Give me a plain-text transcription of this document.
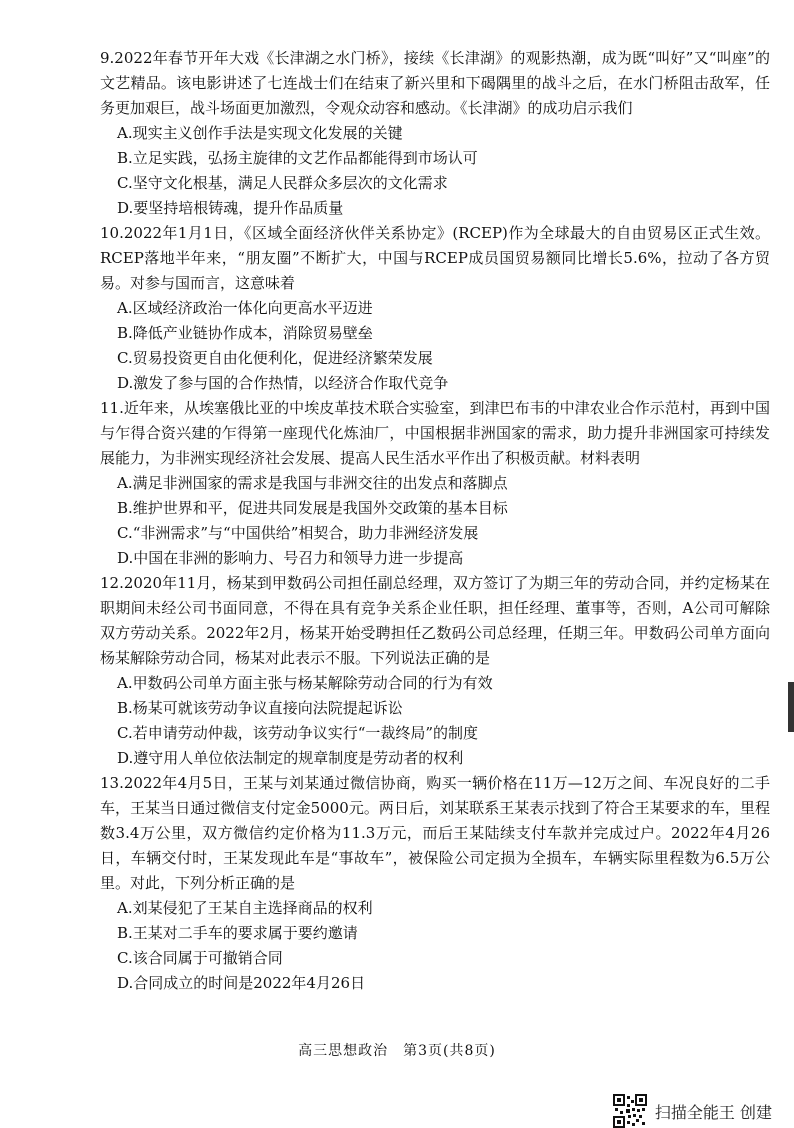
9.2022年春节开年大戏《长津湖之水门桥》，接续《长津湖》的观影热潮，成为既“叫好”又“叫座”的文艺精品。该电影讲述了七连战士们在结束了新兴里和下碣隅里的战斗之后，在水门桥阻击敌军，任务更加艰巨，战斗场面更加激烈，令观众动容和感动。《长津湖》的成功启示我们

A.现实主义创作手法是实现文化发展的关键
B.立足实践，弘扬主旋律的文艺作品都能得到市场认可
C.坚守文化根基，满足人民群众多层次的文化需求
D.要坚持培根铸魂，提升作品质量

10.2022年1月1日，《区域全面经济伙伴关系协定》(RCEP)作为全球最大的自由贸易区正式生效。RCEP落地半年来，“朋友圈”不断扩大，中国与RCEP成员国贸易额同比增长5.6%，拉动了各方贸易。对参与国而言，这意味着

A.区域经济政治一体化向更高水平迈进
B.降低产业链协作成本，消除贸易壁垒
C.贸易投资更自由化便利化，促进经济繁荣发展
D.激发了参与国的合作热情，以经济合作取代竞争

11.近年来，从埃塞俄比亚的中埃皮革技术联合实验室，到津巴布韦的中津农业合作示范村，再到中国与乍得合资兴建的乍得第一座现代化炼油厂，中国根据非洲国家的需求，助力提升非洲国家可持续发展能力，为非洲实现经济社会发展、提高人民生活水平作出了积极贡献。材料表明

A.满足非洲国家的需求是我国与非洲交往的出发点和落脚点
B.维护世界和平，促进共同发展是我国外交政策的基本目标
C.“非洲需求”与“中国供给”相契合，助力非洲经济发展
D.中国在非洲的影响力、号召力和领导力进一步提高

12.2020年11月，杨某到甲数码公司担任副总经理，双方签订了为期三年的劳动合同，并约定杨某在职期间未经公司书面同意，不得在具有竞争关系企业任职，担任经理、董事等，否则，A公司可解除双方劳动关系。2022年2月，杨某开始受聘担任乙数码公司总经理，任期三年。甲数码公司单方面向杨某解除劳动合同，杨某对此表示不服。下列说法正确的是

A.甲数码公司单方面主张与杨某解除劳动合同的行为有效
B.杨某可就该劳动争议直接向法院提起诉讼
C.若申请劳动仲裁，该劳动争议实行“一裁终局”的制度
D.遵守用人单位依法制定的规章制度是劳动者的权利

13.2022年4月5日，王某与刘某通过微信协商，购买一辆价格在11万—12万之间、车况良好的二手车，王某当日通过微信支付定金5000元。两日后，刘某联系王某表示找到了符合王某要求的车，里程数3.4万公里，双方微信约定价格为11.3万元，而后王某陆续支付车款并完成过户。2022年4月26日，车辆交付时，王某发现此车是“事故车”，被保险公司定损为全损车，车辆实际里程数为6.5万公里。对此，下列分析正确的是

A.刘某侵犯了王某自主选择商品的权利
B.王某对二手车的要求属于要约邀请
C.该合同属于可撤销合同
D.合同成立的时间是2022年4月26日
高三思想政治　第3页(共8页)
扫描全能王 创建
